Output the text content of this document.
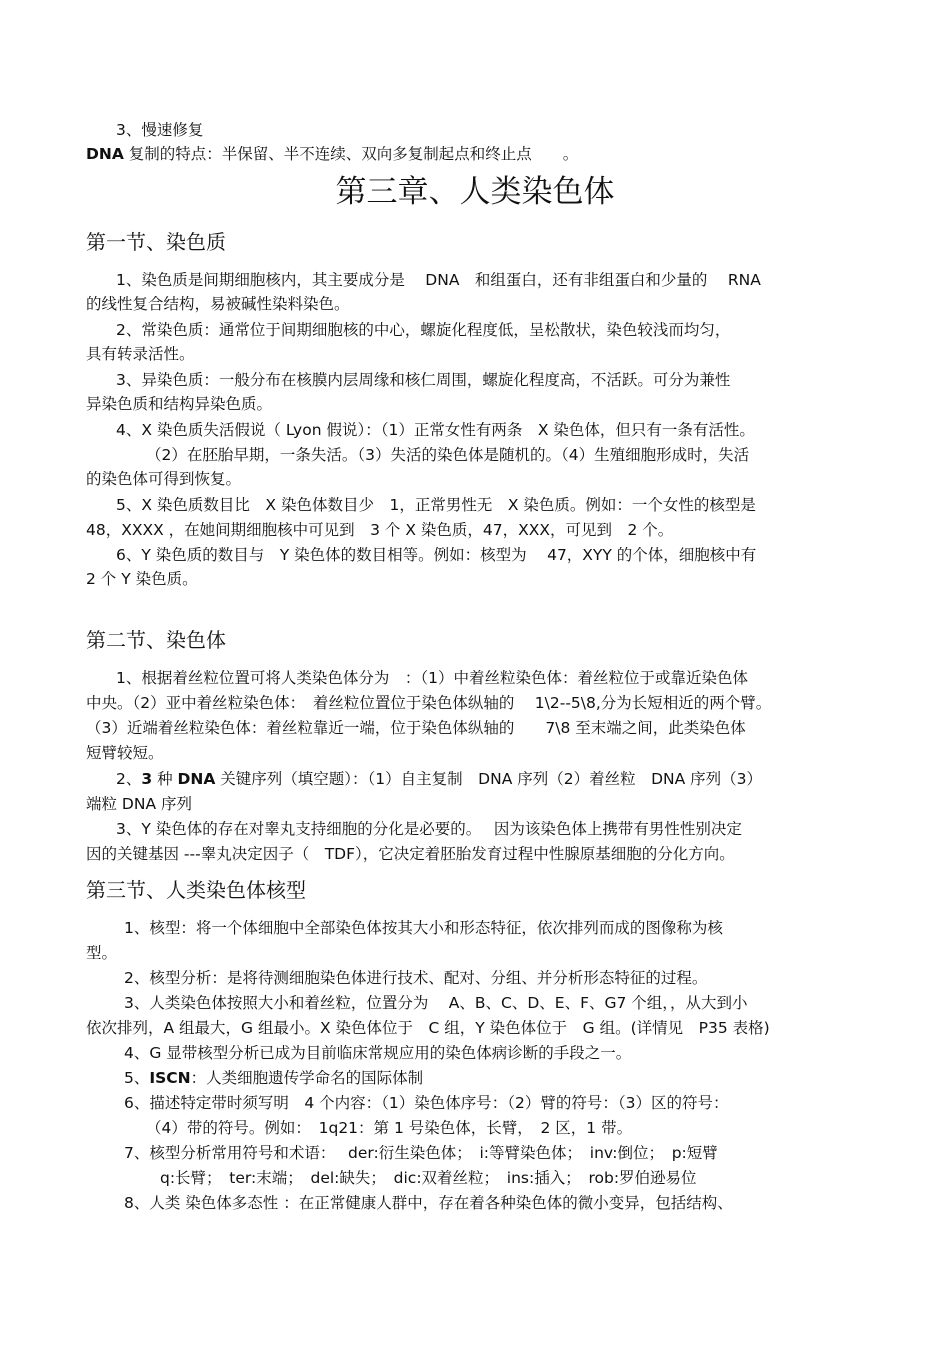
3、慢速修复
DNA 复制的特点：半保留、半不连续、双向多复制起点和终止点　　。
第三章、人类染色体
第一节、染色质
1、染色质是间期细胞核内，其主要成分是　 DNA　和组蛋白，还有非组蛋白和少量的　 RNA
的线性复合结构，易被碱性染料染色。
2、常染色质：通常位于间期细胞核的中心，螺旋化程度低，呈松散状，染色较浅而均匀，
具有转录活性。
3、异染色质：一般分布在核膜内层周缘和核仁周围，螺旋化程度高，不活跃。可分为兼性
异染色质和结构异染色质。
4、X 染色质失活假说（ Lyon 假说）：（1）正常女性有两条　X 染色体，但只有一条有活性。
（2）在胚胎早期，一条失活。（3）失活的染色体是随机的。（4）生殖细胞形成时，失活
的染色体可得到恢复。
5、X 染色质数目比　X 染色体数目少　1，正常男性无　X 染色质。例如：一个女性的核型是
48，XXXX ，在她间期细胞核中可见到　3 个 X 染色质，47，XXX，可见到　2 个。
6、Y 染色质的数目与　Y 染色体的数目相等。例如：核型为　 47，XYY 的个体，细胞核中有
2 个 Y 染色质。
第二节、染色体
1、根据着丝粒位置可将人类染色体分为　：（1）中着丝粒染色体：着丝粒位于或靠近染色体
中央。（2）亚中着丝粒染色体：　着丝粒位置位于染色体纵轴的　 1\2--5\8,分为长短相近的两个臂。
（3）近端着丝粒染色体：着丝粒靠近一端，位于染色体纵轴的　　7\8 至末端之间，此类染色体
短臂较短。
2、3 种 DNA 关键序列（填空题）：（1）自主复制　DNA 序列（2）着丝粒　DNA 序列（3）
端粒 DNA 序列
3、Y 染色体的存在对睾丸支持细胞的分化是必要的。　 因为该染色体上携带有男性性别决定
因的关键基因 ---睾丸决定因子（　TDF），它决定着胚胎发育过程中性腺原基细胞的分化方向。
第三节、人类染色体核型
1、核型：将一个体细胞中全部染色体按其大小和形态特征，依次排列而成的图像称为核
型。
2、核型分析：是将待测细胞染色体进行技术、配对、分组、并分析形态特征的过程。
3、人类染色体按照大小和着丝粒，位置分为　 A、B、C、D、E、F、G7 个组，，从大到小
依次排列，A 组最大，G 组最小。X 染色体位于　C 组，Y 染色体位于　G 组。(详情见　P35 表格)
4、G 显带核型分析已成为目前临床常规应用的染色体病诊断的手段之一。
5、ISCN：人类细胞遗传学命名的国际体制
6、描述特定带时须写明　4 个内容：（1）染色体序号：（2）臂的符号：（3）区的符号：
（4）带的符号。例如：　1q21：第 1 号染色体，长臂，　2 区，1 带。
7、核型分析常用符号和术语：　 der:衍生染色体；　i:等臂染色体；　inv:倒位；　p:短臂
q:长臂；　ter:末端；　del:缺失；　dic:双着丝粒；　ins:插入；　rob:罗伯逊易位
8、人类 染色体多态性 ：在正常健康人群中，存在着各种染色体的微小变异，包括结构、
